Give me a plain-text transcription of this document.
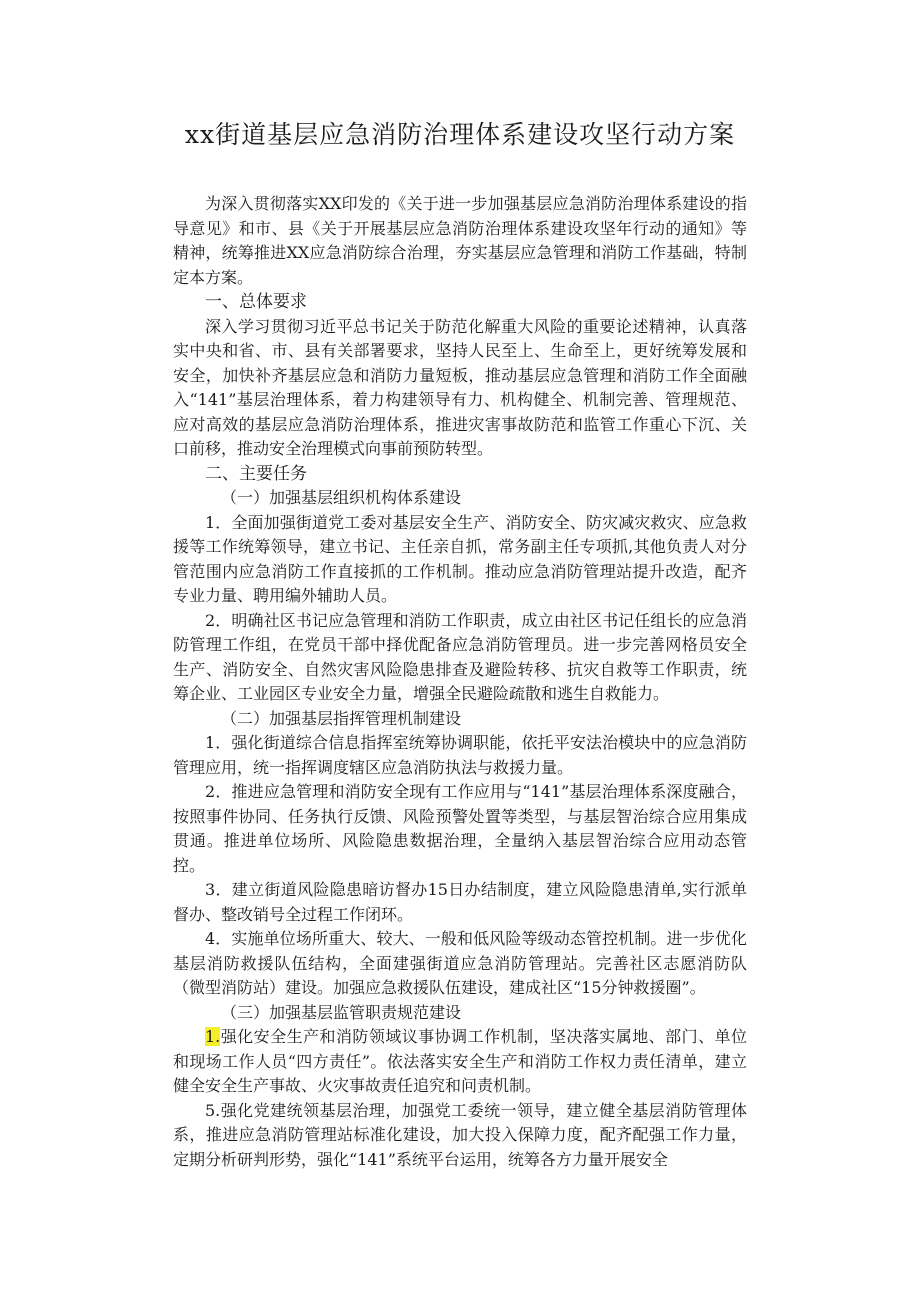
xx街道基层应急消防治理体系建设攻坚行动方案

为深入贯彻落实XX印发的《关于进一步加强基层应急消防治理体系建设的指导意见》和市、县《关于开展基层应急消防治理体系建设攻坚年行动的通知》等精神，统筹推进XX应急消防综合治理，夯实基层应急管理和消防工作基础，特制定本方案。

一、总体要求

深入学习贯彻习近平总书记关于防范化解重大风险的重要论述精神，认真落实中央和省、市、县有关部署要求，坚持人民至上、生命至上，更好统筹发展和安全，加快补齐基层应急和消防力量短板，推动基层应急管理和消防工作全面融入“141”基层治理体系，着力构建领导有力、机构健全、机制完善、管理规范、应对高效的基层应急消防治理体系，推进灾害事故防范和监管工作重心下沉、关口前移，推动安全治理模式向事前预防转型。

二、主要任务

（一）加强基层组织机构体系建设

1．全面加强街道党工委对基层安全生产、消防安全、防灾减灾救灾、应急救援等工作统筹领导，建立书记、主任亲自抓，常务副主任专项抓,其他负责人对分管范围内应急消防工作直接抓的工作机制。推动应急消防管理站提升改造，配齐专业力量、聘用编外辅助人员。

2．明确社区书记应急管理和消防工作职责，成立由社区书记任组长的应急消防管理工作组，在党员干部中择优配备应急消防管理员。进一步完善网格员安全生产、消防安全、自然灾害风险隐患排查及避险转移、抗灾自救等工作职责，统筹企业、工业园区专业安全力量，增强全民避险疏散和逃生自救能力。

（二）加强基层指挥管理机制建设

1．强化街道综合信息指挥室统筹协调职能，依托平安法治模块中的应急消防管理应用，统一指挥调度辖区应急消防执法与救援力量。

2．推进应急管理和消防安全现有工作应用与“141”基层治理体系深度融合，按照事件协同、任务执行反馈、风险预警处置等类型，与基层智治综合应用集成贯通。推进单位场所、风险隐患数据治理，全量纳入基层智治综合应用动态管控。

3．建立街道风险隐患暗访督办15日办结制度，建立风险隐患清单,实行派单督办、整改销号全过程工作闭环。

4．实施单位场所重大、较大、一般和低风险等级动态管控机制。进一步优化基层消防救援队伍结构，全面建强街道应急消防管理站。完善社区志愿消防队（微型消防站）建设。加强应急救援队伍建设，建成社区“15分钟救援圈”。

（三）加强基层监管职责规范建设

1.强化安全生产和消防领域议事协调工作机制，坚决落实属地、部门、单位和现场工作人员“四方责任”。依法落实安全生产和消防工作权力责任清单，建立健全安全生产事故、火灾事故责任追究和问责机制。

5.强化党建统领基层治理，加强党工委统一领导，建立健全基层消防管理体系，推进应急消防管理站标准化建设，加大投入保障力度，配齐配强工作力量，定期分析研判形势，强化“141”系统平台运用，统筹各方力量开展安全
